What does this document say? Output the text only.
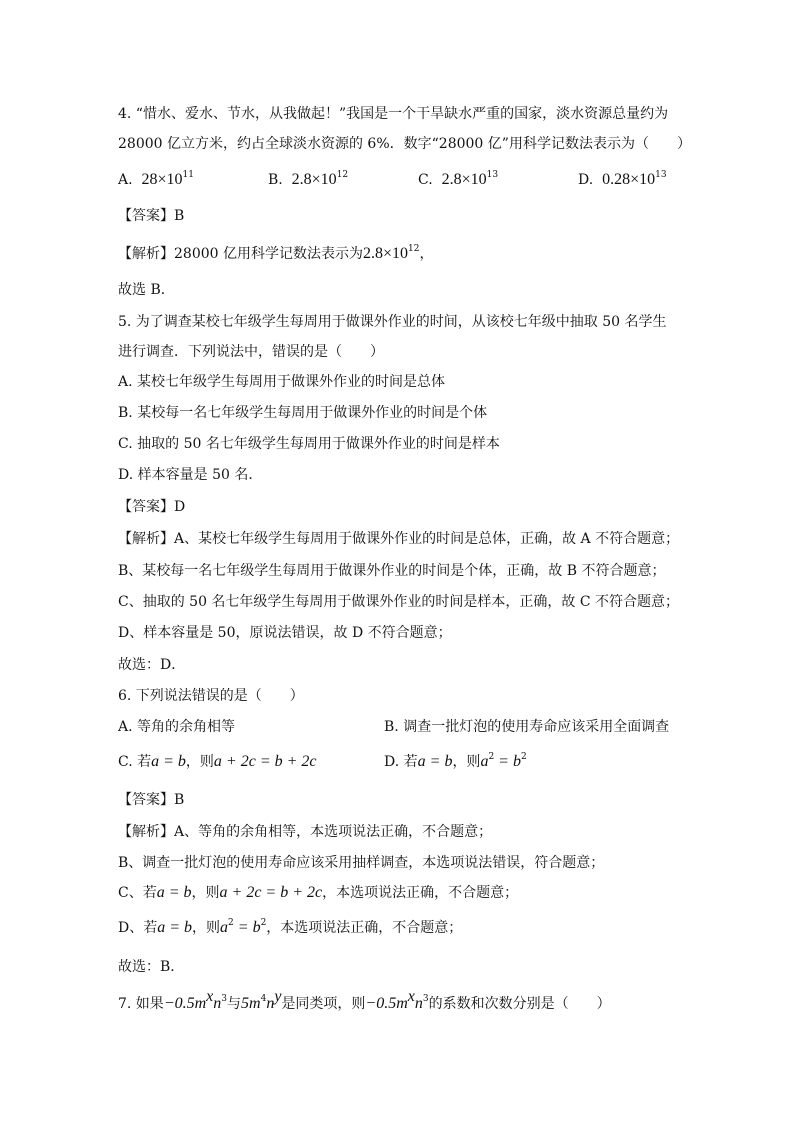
4. “惜水、爱水、节水，从我做起！”我国是一个干旱缺水严重的国家，淡水资源总量约为
28000 亿立方米，约占全球淡水资源的 6%．数字“28000 亿”用科学记数法表示为（　　）
A. $28\times 10^{11}$	B. $2.8\times 10^{12}$	C. $2.8\times 10^{13}$	D. $0.28\times 10^{13}$
【答案】B
【解析】28000 亿用科学记数法表示为$2.8\times 10^{12}$，
故选 B．
5. 为了调查某校七年级学生每周用于做课外作业的时间，从该校七年级中抽取 50 名学生
进行调查．下列说法中，错误的是（　　）
A. 某校七年级学生每周用于做课外作业的时间是总体
B. 某校每一名七年级学生每周用于做课外作业的时间是个体
C. 抽取的 50 名七年级学生每周用于做课外作业的时间是样本
D. 样本容量是 50 名．
【答案】D
【解析】A、某校七年级学生每周用于做课外作业的时间是总体，正确，故 A 不符合题意；
B、某校每一名七年级学生每周用于做课外作业的时间是个体，正确，故 B 不符合题意；
C、抽取的 50 名七年级学生每周用于做课外作业的时间是样本，正确，故 C 不符合题意；
D、样本容量是 50，原说法错误，故 D 不符合题意；
故选：D．
6. 下列说法错误的是（　　）
A. 等角的余角相等	B. 调查一批灯泡的使用寿命应该采用全面调查
C. 若a = b，则a + 2c = b + 2c	D. 若a = b，则$a^2 = b^2$
【答案】B
【解析】A、等角的余角相等，本选项说法正确，不合题意；
B、调查一批灯泡的使用寿命应该采用抽样调查，本选项说法错误，符合题意；
C、若a = b，则a + 2c = b + 2c，本选项说法正确，不合题意；
D、若a = b，则$a^2 = b^2$，本选项说法正确，不合题意；
故选：B．
7. 如果$-0.5m^xn^3$与$5m^4n^y$是同类项，则$-0.5m^xn^3$的系数和次数分别是（　　）
